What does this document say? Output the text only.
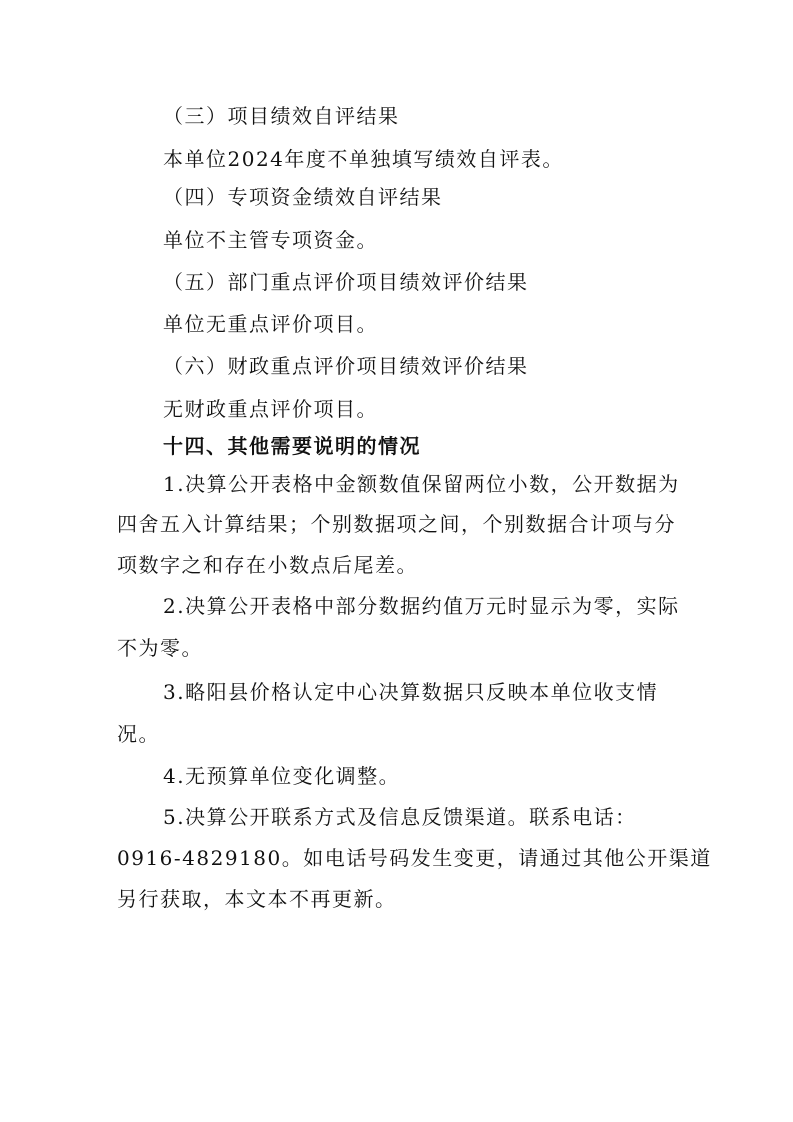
（三）项目绩效自评结果
本单位2024年度不单独填写绩效自评表。
（四）专项资金绩效自评结果
单位不主管专项资金。
（五）部门重点评价项目绩效评价结果
单位无重点评价项目。
（六）财政重点评价项目绩效评价结果
无财政重点评价项目。
十四、其他需要说明的情况
1.决算公开表格中金额数值保留两位小数，公开数据为
四舍五入计算结果；个别数据项之间，个别数据合计项与分
项数字之和存在小数点后尾差。
2.决算公开表格中部分数据约值万元时显示为零，实际
不为零。
3.略阳县价格认定中心决算数据只反映本单位收支情
况。
4.无预算单位变化调整。
5.决算公开联系方式及信息反馈渠道。联系电话：
0916-4829180。如电话号码发生变更，请通过其他公开渠道
另行获取，本文本不再更新。
